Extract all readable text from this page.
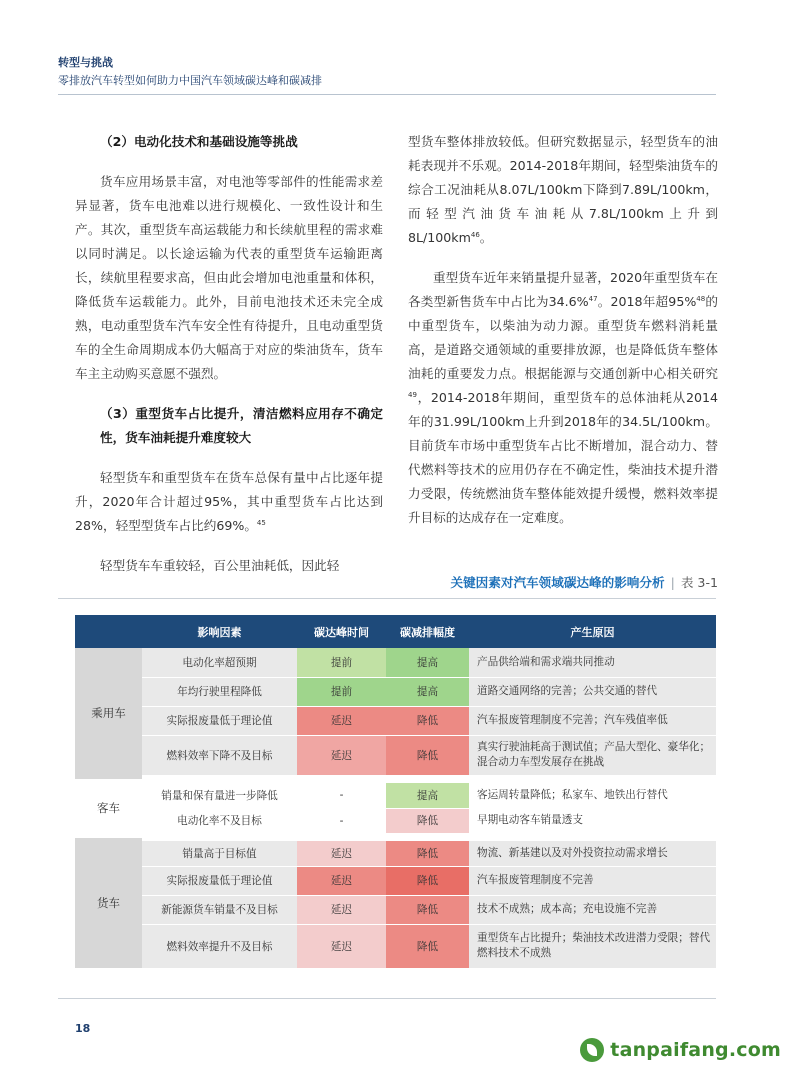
转型与挑战
零排放汽车转型如何助力中国汽车领域碳达峰和碳减排

（2）电动化技术和基础设施等挑战

货车应用场景丰富，对电池等零部件的性能需求差异显著，货车电池难以进行规模化、一致性设计和生产。其次，重型货车高运载能力和长续航里程的需求难以同时满足。以长途运输为代表的重型货车运输距离长，续航里程要求高，但由此会增加电池重量和体积，降低货车运载能力。此外，目前电池技术还未完全成熟，电动重型货车汽车安全性有待提升，且电动重型货车的全生命周期成本仍大幅高于对应的柴油货车，货车车主主动购买意愿不强烈。

（3）重型货车占比提升，清洁燃料应用存不确定性，货车油耗提升难度较大

轻型货车和重型货车在货车总保有量中占比逐年提升，2020年合计超过95%，其中重型货车占比达到28%，轻型型货车占比约69%。$^{45}$

轻型货车车重较轻，百公里油耗低，因此轻

型货车整体排放较低。但研究数据显示，轻型货车的油耗表现并不乐观。2014-2018年期间，轻型柴油货车的综合工况油耗从8.07L/100km下降到7.89L/100km，而轻型汽油货车油耗从7.8L/100km上升到$8L/100km^{46}$。

重型货车近年来销量提升显著，2020年重型货车在各类型新售货车中占比为34.6%$^{47}$。2018年超95%$^{48}$的中重型货车，以柴油为动力源。重型货车燃料消耗量高，是道路交通领域的重要排放源，也是降低货车整体油耗的重要发力点。根据能源与交通创新中心相关研究$^{49}$，2014-2018年期间，重型货车的总体油耗从2014年的31.99L/100km上升到2018年的34.5L/100km。目前货车市场中重型货车占比不断增加，混合动力、替代燃料等技术的应用仍存在不确定性，柴油技术提升潜力受限，传统燃油货车整体能效提升缓慢，燃料效率提升目标的达成存在一定难度。

关键因素对汽车领域碳达峰的影响分析 | 表 3-1
	影响因素	碳达峰时间	碳减排幅度	产生原因
乘用车	电动化率超预期	提前	提高	产品供给端和需求端共同推动
	年均行驶里程降低	提前	提高	道路交通网络的完善；公共交通的替代
	实际报废量低于理论值	延迟	降低	汽车报废管理制度不完善；汽车残值率低
	燃料效率下降不及目标	延迟	降低	真实行驶油耗高于测试值；产品大型化、豪华化；混合动力车型发展存在挑战
客车	销量和保有量进一步降低	-	提高	客运周转量降低；私家车、地铁出行替代
	电动化率不及目标	-	降低	早期电动客车销量透支
货车	销量高于目标值	延迟	降低	物流、新基建以及对外投资拉动需求增长
	实际报废量低于理论值	延迟	降低	汽车报废管理制度不完善
	新能源货车销量不及目标	延迟	降低	技术不成熟；成本高；充电设施不完善
	燃料效率提升不及目标	延迟	降低	重型货车占比提升；柴油技术改进潜力受限；替代燃料技术不成熟
18
tanpaifang.com
